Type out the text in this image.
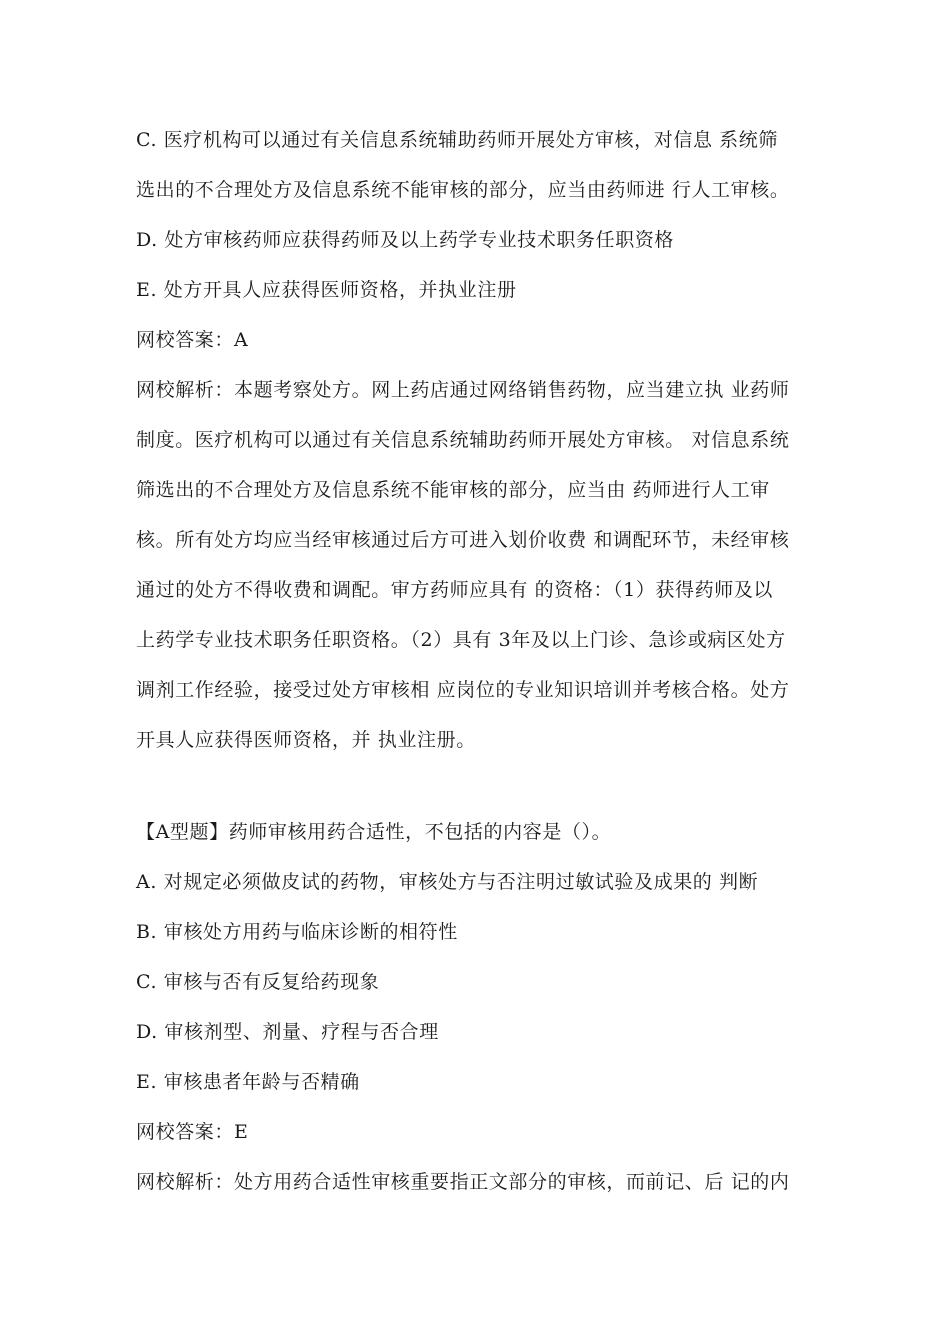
C. 医疗机构可以通过有关信息系统辅助药师开展处方审核，对信息 系统筛
选出的不合理处方及信息系统不能审核的部分，应当由药师进 行人工审核。
D. 处方审核药师应获得药师及以上药学专业技术职务任职资格
E. 处方开具人应获得医师资格，并执业注册
网校答案：A
网校解析：本题考察处方。网上药店通过网络销售药物，应当建立执 业药师
制度。医疗机构可以通过有关信息系统辅助药师开展处方审核。 对信息系统
筛选出的不合理处方及信息系统不能审核的部分，应当由 药师进行人工审
核。所有处方均应当经审核通过后方可进入划价收费 和调配环节，未经审核
通过的处方不得收费和调配。审方药师应具有 的资格：（1）获得药师及以
上药学专业技术职务任职资格。（2）具有 3年及以上门诊、急诊或病区处方
调剂工作经验，接受过处方审核相 应岗位的专业知识培训并考核合格。处方
开具人应获得医师资格，并 执业注册。
【A型题】药师审核用药合适性，不包括的内容是（）。
A. 对规定必须做皮试的药物，审核处方与否注明过敏试验及成果的 判断
B. 审核处方用药与临床诊断的相符性
C. 审核与否有反复给药现象
D. 审核剂型、剂量、疗程与否合理
E. 审核患者年龄与否精确
网校答案：E
网校解析：处方用药合适性审核重要指正文部分的审核，而前记、后 记的内
